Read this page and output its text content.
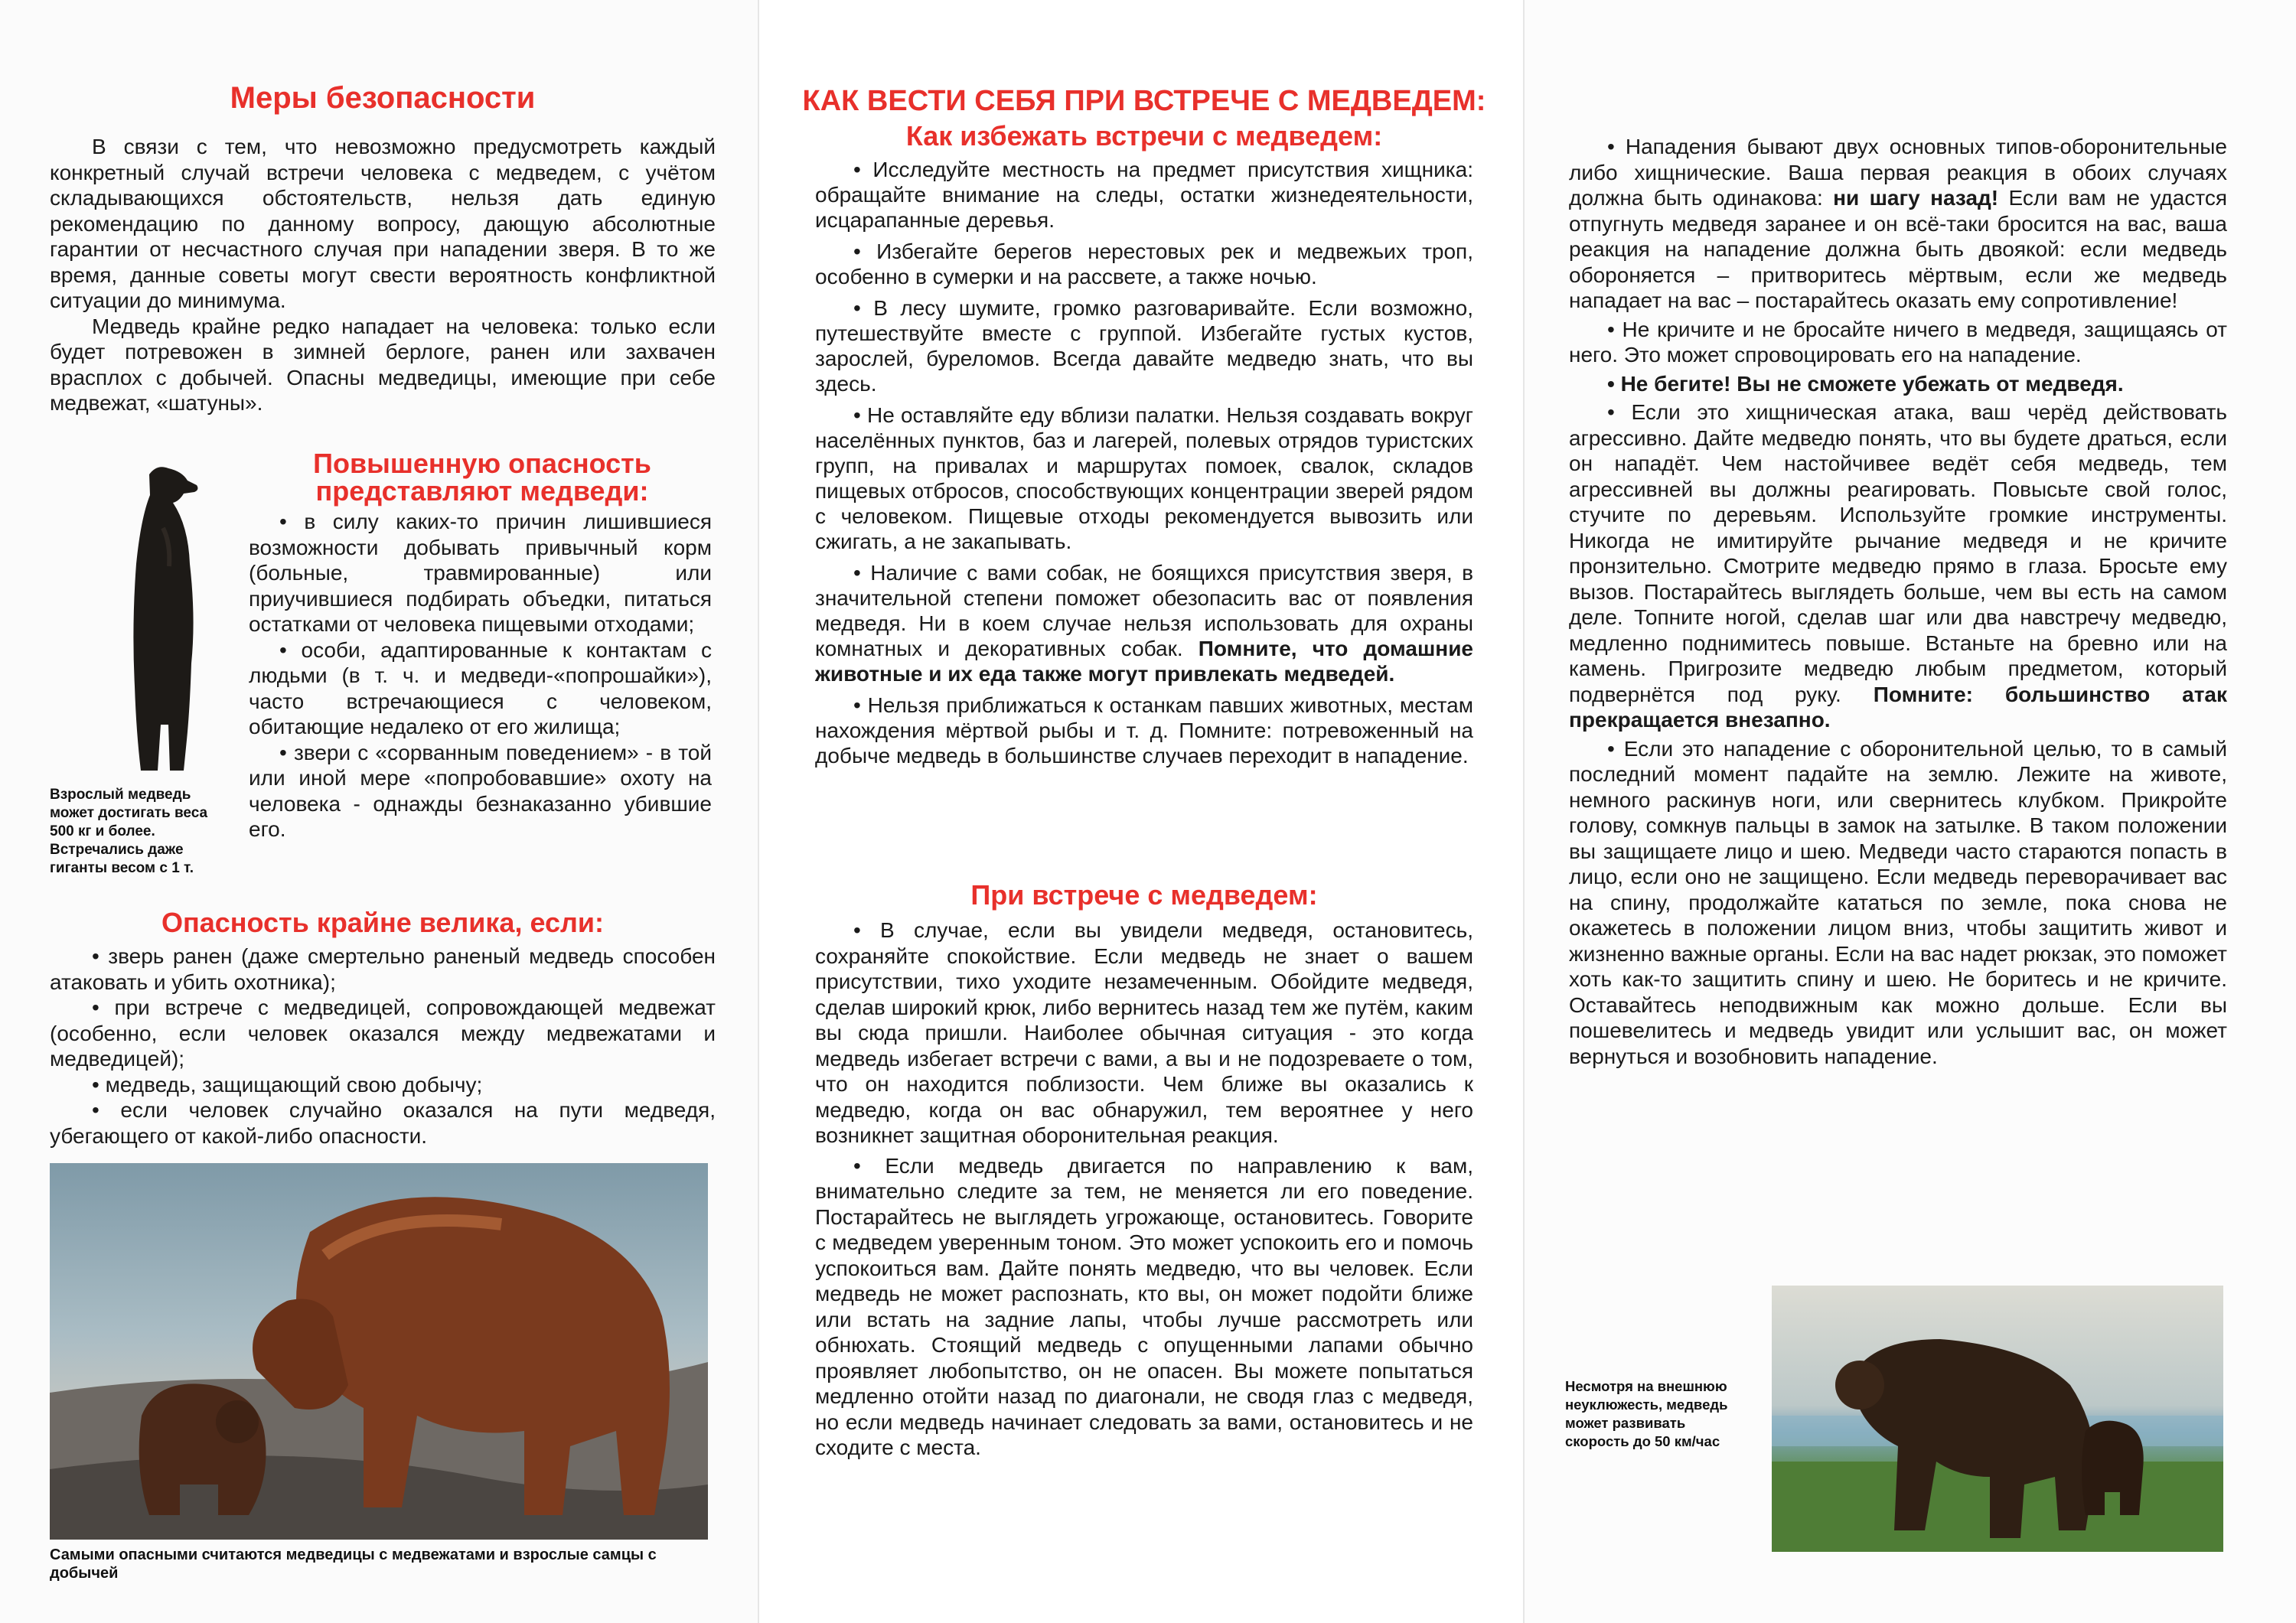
Меры безопасности

В связи с тем, что невозможно предусмотреть каждый конкретный случай встречи человека с медведем, с учётом складывающихся обстоятельств, нельзя дать единую рекомендацию по данному вопросу, дающую абсолютные гарантии от несчастного случая при нападении зверя. В то же время, данные советы могут свести вероятность конфликтной ситуации до минимума.

Медведь крайне редко нападает на человека: только если будет потревожен в зимней берлоге, ранен или захвачен врасплох с добычей. Опасны медведицы, имеющие при себе медвежат, «шатуны».

Повышенную опасность представляют медведи:

• в силу каких-то причин лишившиеся возможности добывать привычный корм (больные, травмированные) или приучившиеся подбирать объедки, питаться остатками от человека пищевыми отходами;

• особи, адаптированные к контактам с людьми (в т. ч. и медведи-«попрошайки»), часто встречающиеся с человеком, обитающие недалеко от его жилища;

• звери с «сорванным поведением» - в той или иной мере «попробовавшие» охоту на человека - однажды безнаказанно убившие его.

Взрослый медведь может достигать веса 500 кг и более. Встречались даже гиганты весом с 1 т.
Опасность крайне велика, если:

• зверь ранен (даже смертельно раненый медведь способен атаковать и убить охотника);

• при встрече с медведицей, сопровождающей медвежат (особенно, если человек оказался между медвежатами и медведицей);

• медведь, защищающий свою добычу;

• если человек случайно оказался на пути медведя, убегающего от какой-либо опасности.

Самыми опасными считаются медведицы с медвежатами и взрослые самцы с добычей
КАК ВЕСТИ СЕБЯ ПРИ ВСТРЕЧЕ С МЕДВЕДЕМ:
Как избежать встречи с медведем:

• Исследуйте местность на предмет присутствия хищника: обращайте внимание на следы, остатки жизнедеятельности, исцарапанные деревья.

• Избегайте берегов нерестовых рек и медвежьих троп, особенно в сумерки и на рассвете, а также ночью.

• В лесу шумите, громко разговаривайте. Если возможно, путешествуйте вместе с группой. Избегайте густых кустов, зарослей, буреломов. Всегда давайте медведю знать, что вы здесь.

• Не оставляйте еду вблизи палатки. Нельзя создавать вокруг населённых пунктов, баз и лагерей, полевых отрядов туристских групп, на привалах и маршрутах помоек, свалок, складов пищевых отбросов, способствующих концентрации зверей рядом с человеком. Пищевые отходы рекомендуется вывозить или сжигать, а не закапывать.

• Наличие с вами собак, не боящихся присутствия зверя, в значительной степени поможет обезопасить вас от появления медведя. Ни в коем случае нельзя использовать для охраны комнатных и декоративных собак. Помните, что домашние животные и их еда также могут привлекать медведей.

• Нельзя приближаться к останкам павших животных, местам нахождения мёртвой рыбы и т. д. Помните: потревоженный на добыче медведь в большинстве случаев переходит в нападение.

При встрече с медведем:

• В случае, если вы увидели медведя, остановитесь, сохраняйте спокойствие. Если медведь не знает о вашем присутствии, тихо уходите незамеченным. Обойдите медведя, сделав широкий крюк, либо вернитесь назад тем же путём, каким вы сюда пришли. Наиболее обычная ситуация - это когда медведь избегает встречи с вами, а вы и не подозреваете о том, что он находится поблизости. Чем ближе вы оказались к медведю, когда он вас обнаружил, тем вероятнее у него возникнет защитная оборонительная реакция.

• Если медведь двигается по направлению к вам, внимательно следите за тем, не меняется ли его поведение. Постарайтесь не выглядеть угрожающе, остановитесь. Говорите с медведем уверенным тоном. Это может успокоить его и помочь успокоиться вам. Дайте понять медведю, что вы человек. Если медведь не может распознать, кто вы, он может подойти ближе или встать на задние лапы, чтобы лучше рассмотреть или обнюхать. Стоящий медведь с опущенными лапами обычно проявляет любопытство, он не опасен. Вы можете попытаться медленно отойти назад по диагонали, не сводя глаз с медведя, но если медведь начинает следовать за вами, остановитесь и не сходите с места.

• Нападения бывают двух основных типов-оборонительные либо хищнические. Ваша первая реакция в обоих случаях должна быть одинакова: ни шагу назад! Если вам не удастся отпугнуть медведя заранее и он всё-таки бросится на вас, ваша реакция на нападение должна быть двоякой: если медведь обороняется – притворитесь мёртвым, если же медведь нападает на вас – постарайтесь оказать ему сопротивление!

• Не кричите и не бросайте ничего в медведя, защищаясь от него. Это может спровоцировать его на нападение.

• Не бегите! Вы не сможете убежать от медведя.

• Если это хищническая атака, ваш черёд действовать агрессивно. Дайте медведю понять, что вы будете драться, если он нападёт. Чем настойчивее ведёт себя медведь, тем агрессивней вы должны реагировать. Повысьте свой голос, стучите по деревьям. Используйте громкие инструменты. Никогда не имитируйте рычание медведя и не кричите пронзительно. Смотрите медведю прямо в глаза. Бросьте ему вызов. Постарайтесь выглядеть больше, чем вы есть на самом деле. Топните ногой, сделав шаг или два навстречу медведю, медленно поднимитесь повыше. Встаньте на бревно или на камень. Пригрозите медведю любым предметом, который подвернётся под руку. Помните: большинство атак прекращается внезапно.

• Если это нападение с оборонительной целью, то в самый последний момент падайте на землю. Лежите на животе, немного раскинув ноги, или свернитесь клубком. Прикройте голову, сомкнув пальцы в замок на затылке. В таком положении вы защищаете лицо и шею. Медведи часто стараются попасть в лицо, если оно не защищено. Если медведь переворачивает вас на спину, продолжайте кататься по земле, пока снова не окажетесь в положении лицом вниз, чтобы защитить живот и жизненно важные органы. Если на вас надет рюкзак, это поможет хоть как-то защитить спину и шею. Не боритесь и не кричите. Оставайтесь неподвижным как можно дольше. Если вы пошевелитесь и медведь увидит или услышит вас, он может вернуться и возобновить нападение.

Несмотря на внешнюю неуклюжесть, медведь может развивать скорость до 50 км/час
